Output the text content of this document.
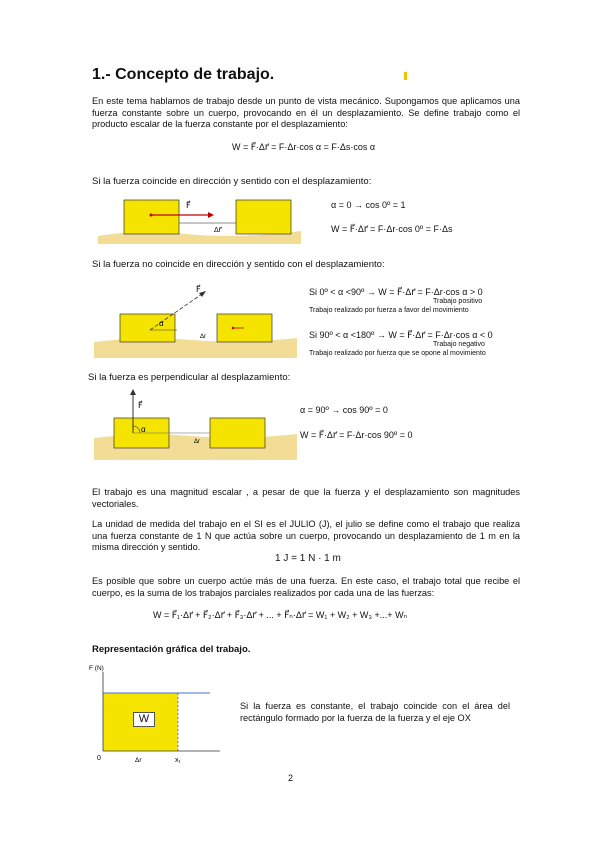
1.- Concepto de trabajo.
En este tema hablamos de trabajo desde un punto de vista mecánico. Supongamos que aplicamos una fuerza constante sobre un cuerpo, provocando en él un desplazamiento. Se define trabajo como el producto escalar de la fuerza constante por el desplazamiento:
W = F⃗·Δr⃗ = F·Δr·cos α = F·Δs·cos α
Si la fuerza coincide en dirección y sentido con el desplazamiento:
F⃗
Δr⃗
α = 0 → cos 0º = 1
W = F⃗·Δr⃗ = F·Δr·cos 0º = F·Δs
Si la fuerza no coincide en dirección y sentido con el desplazamiento:
F⃗
α
Δr
Si 0º < α <90º → W = F⃗·Δr⃗ = F·Δr·cos α > 0
Trabajo positivo
Trabajo realizado por fuerza a favor del movimiento
Si 90º < α <180º → W = F⃗·Δr⃗ = F·Δr·cos α < 0
Trabajo negativo
Trabajo realizado por fuerza que se opone al movimiento
Si la fuerza es perpendicular al desplazamiento:
F⃗
α
Δr
α = 90º → cos 90º = 0
W = F⃗·Δr⃗ = F·Δr·cos 90º = 0
El trabajo es una magnitud escalar , a pesar de que la fuerza y el desplazamiento son magnitudes vectoriales.
La unidad de medida del trabajo en el SI es el JULIO (J), el julio se define como el trabajo que realiza una fuerza constante de 1 N que actúa sobre un cuerpo, provocando un desplazamiento de 1 m en la misma dirección y sentido.
1 J = 1 N · 1 m
Es posible que sobre un cuerpo actúe más de una fuerza. En este caso, el trabajo total que recibe el cuerpo, es la suma de los trabajos parciales realizados por cada una de las fuerzas:
W = F⃗₁·Δr⃗ + F⃗₂·Δr⃗ + F⃗₃·Δr⃗ + ... + F⃗ₙ·Δr⃗ = W₁ + W₂ + W₃ +...+ Wₙ
Representación gráfica del trabajo.
F (N)
0	Δr	x₁
W
Si la fuerza es constante, el trabajo coincide con el área del rectángulo formado por la fuerza de la fuerza y el eje OX
2
